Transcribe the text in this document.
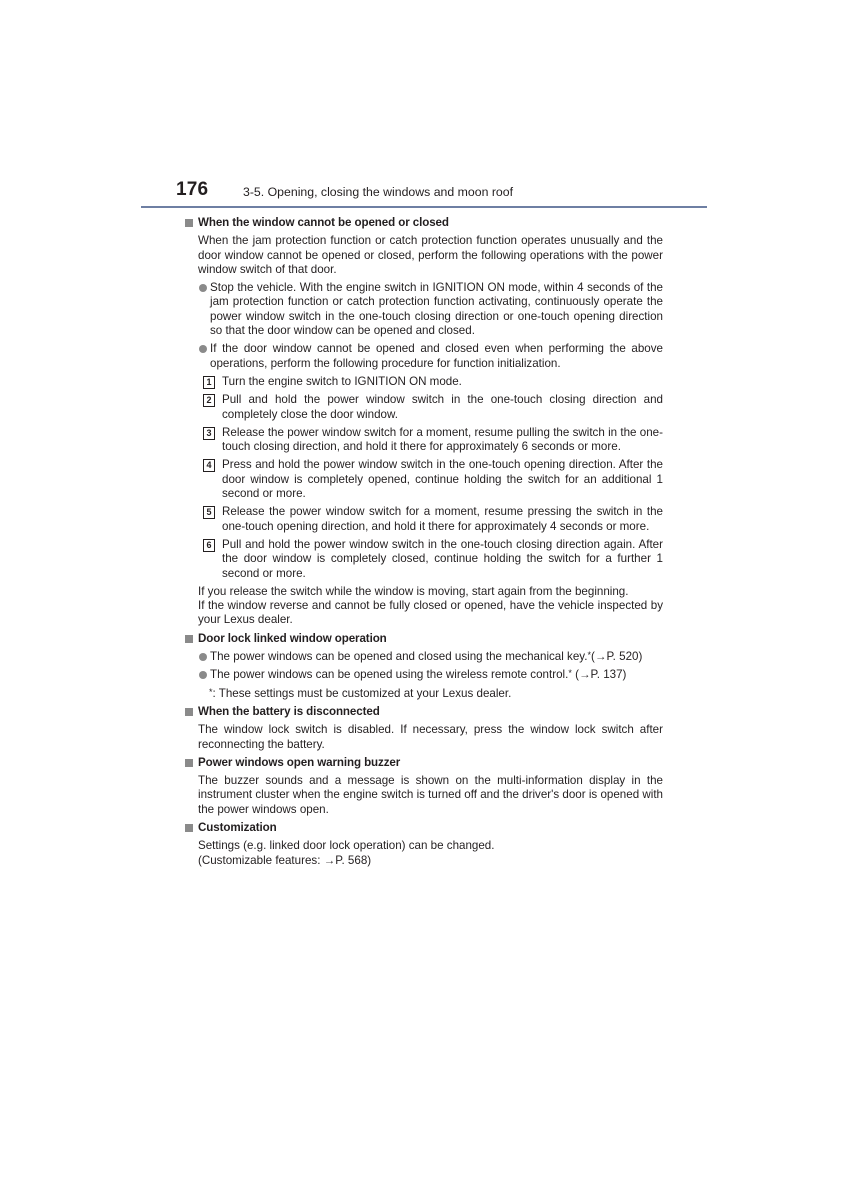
176	3-5. Opening, closing the windows and moon roof
When the window cannot be opened or closed
When the jam protection function or catch protection function operates unusually and the door window cannot be opened or closed, perform the following operations with the power window switch of that door.
Stop the vehicle. With the engine switch in IGNITION ON mode, within 4 seconds of the jam protection function or catch protection function activating, continuously operate the power window switch in the one-touch closing direction or one-touch opening direction so that the door window can be opened and closed.
If the door window cannot be opened and closed even when performing the above operations, perform the following procedure for function initialization.
1 Turn the engine switch to IGNITION ON mode.
2 Pull and hold the power window switch in the one-touch closing direction and completely close the door window.
3 Release the power window switch for a moment, resume pulling the switch in the one-touch closing direction, and hold it there for approximately 6 seconds or more.
4 Press and hold the power window switch in the one-touch opening direction. After the door window is completely opened, continue holding the switch for an additional 1 second or more.
5 Release the power window switch for a moment, resume pressing the switch in the one-touch opening direction, and hold it there for approximately 4 seconds or more.
6 Pull and hold the power window switch in the one-touch closing direction again. After the door window is completely closed, continue holding the switch for a further 1 second or more.
If you release the switch while the window is moving, start again from the beginning.
If the window reverse and cannot be fully closed or opened, have the vehicle inspected by your Lexus dealer.
Door lock linked window operation
The power windows can be opened and closed using the mechanical key.*(→P. 520)
The power windows can be opened using the wireless remote control.* (→P. 137)
*: These settings must be customized at your Lexus dealer.
When the battery is disconnected
The window lock switch is disabled. If necessary, press the window lock switch after reconnecting the battery.
Power windows open warning buzzer
The buzzer sounds and a message is shown on the multi-information display in the instrument cluster when the engine switch is turned off and the driver's door is opened with the power windows open.
Customization
Settings (e.g. linked door lock operation) can be changed.
(Customizable features: →P. 568)
